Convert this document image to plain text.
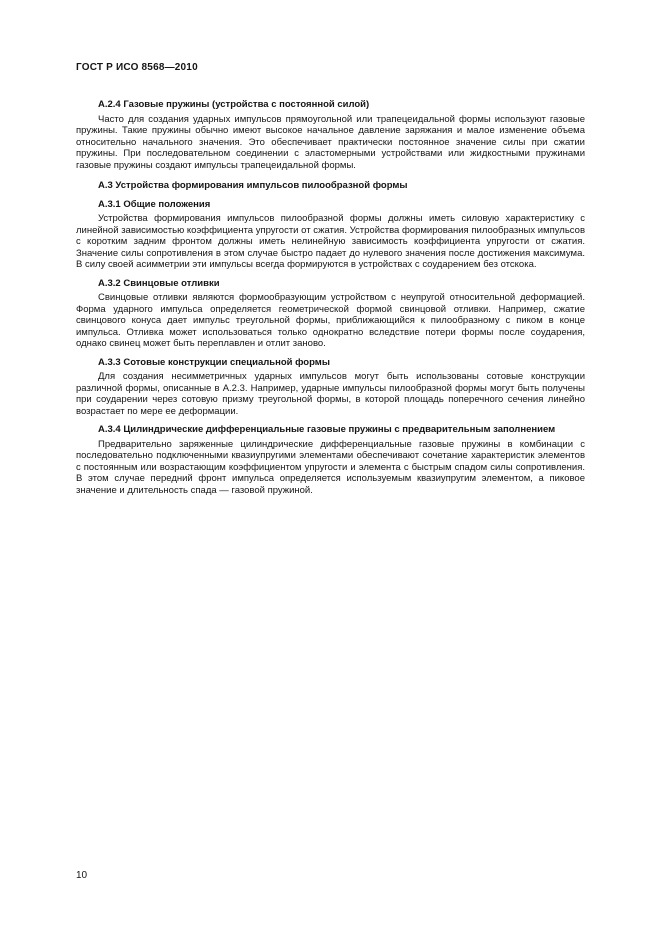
ГОСТ Р ИСО 8568—2010
А.2.4 Газовые пружины (устройства с постоянной силой)

Часто для создания ударных импульсов прямоугольной или трапецеидальной формы используют газовые пружины. Такие пружины обычно имеют высокое начальное давление заряжания и малое изменение объема относительно начального значения. Это обеспечивает практически постоянное значение силы при сжатии пружины. При последовательном соединении с эластомерными устройствами или жидкостными пружинами газовые пружины создают импульсы трапецеидальной формы.

А.3 Устройства формирования импульсов пилообразной формы
А.3.1 Общие положения

Устройства формирования импульсов пилообразной формы должны иметь силовую характеристику с линейной зависимостью коэффициента упругости от сжатия. Устройства формирования пилообразных импульсов с коротким задним фронтом должны иметь нелинейную зависимость коэффициента упругости от сжатия. Значение силы сопротивления в этом случае быстро падает до нулевого значения после достижения максимума. В силу своей асимметрии эти импульсы всегда формируются в устройствах с соударением без отскока.

А.3.2 Свинцовые отливки

Свинцовые отливки являются формообразующим устройством с неупругой относительной деформацией. Форма ударного импульса определяется геометрической формой свинцовой отливки. Например, сжатие свинцового конуса дает импульс треугольной формы, приближающийся к пилообразному с пиком в конце импульса. Отливка может использоваться только однократно вследствие потери формы после соударения, однако свинец может быть переплавлен и отлит заново.

А.3.3 Сотовые конструкции специальной формы

Для создания несимметричных ударных импульсов могут быть использованы сотовые конструкции различной формы, описанные в А.2.3. Например, ударные импульсы пилообразной формы могут быть получены при соударении через сотовую призму треугольной формы, в которой площадь поперечного сечения линейно возрастает по мере ее деформации.

А.3.4 Цилиндрические дифференциальные газовые пружины с предварительным заполнением

Предварительно заряженные цилиндрические дифференциальные газовые пружины в комбинации с последовательно подключенными квазиупругими элементами обеспечивают сочетание характеристик элементов с постоянным или возрастающим коэффициентом упругости и элемента с быстрым спадом силы сопротивления. В этом случае передний фронт импульса определяется используемым квазиупругим элементом, а пиковое значение и длительность спада — газовой пружиной.

10
